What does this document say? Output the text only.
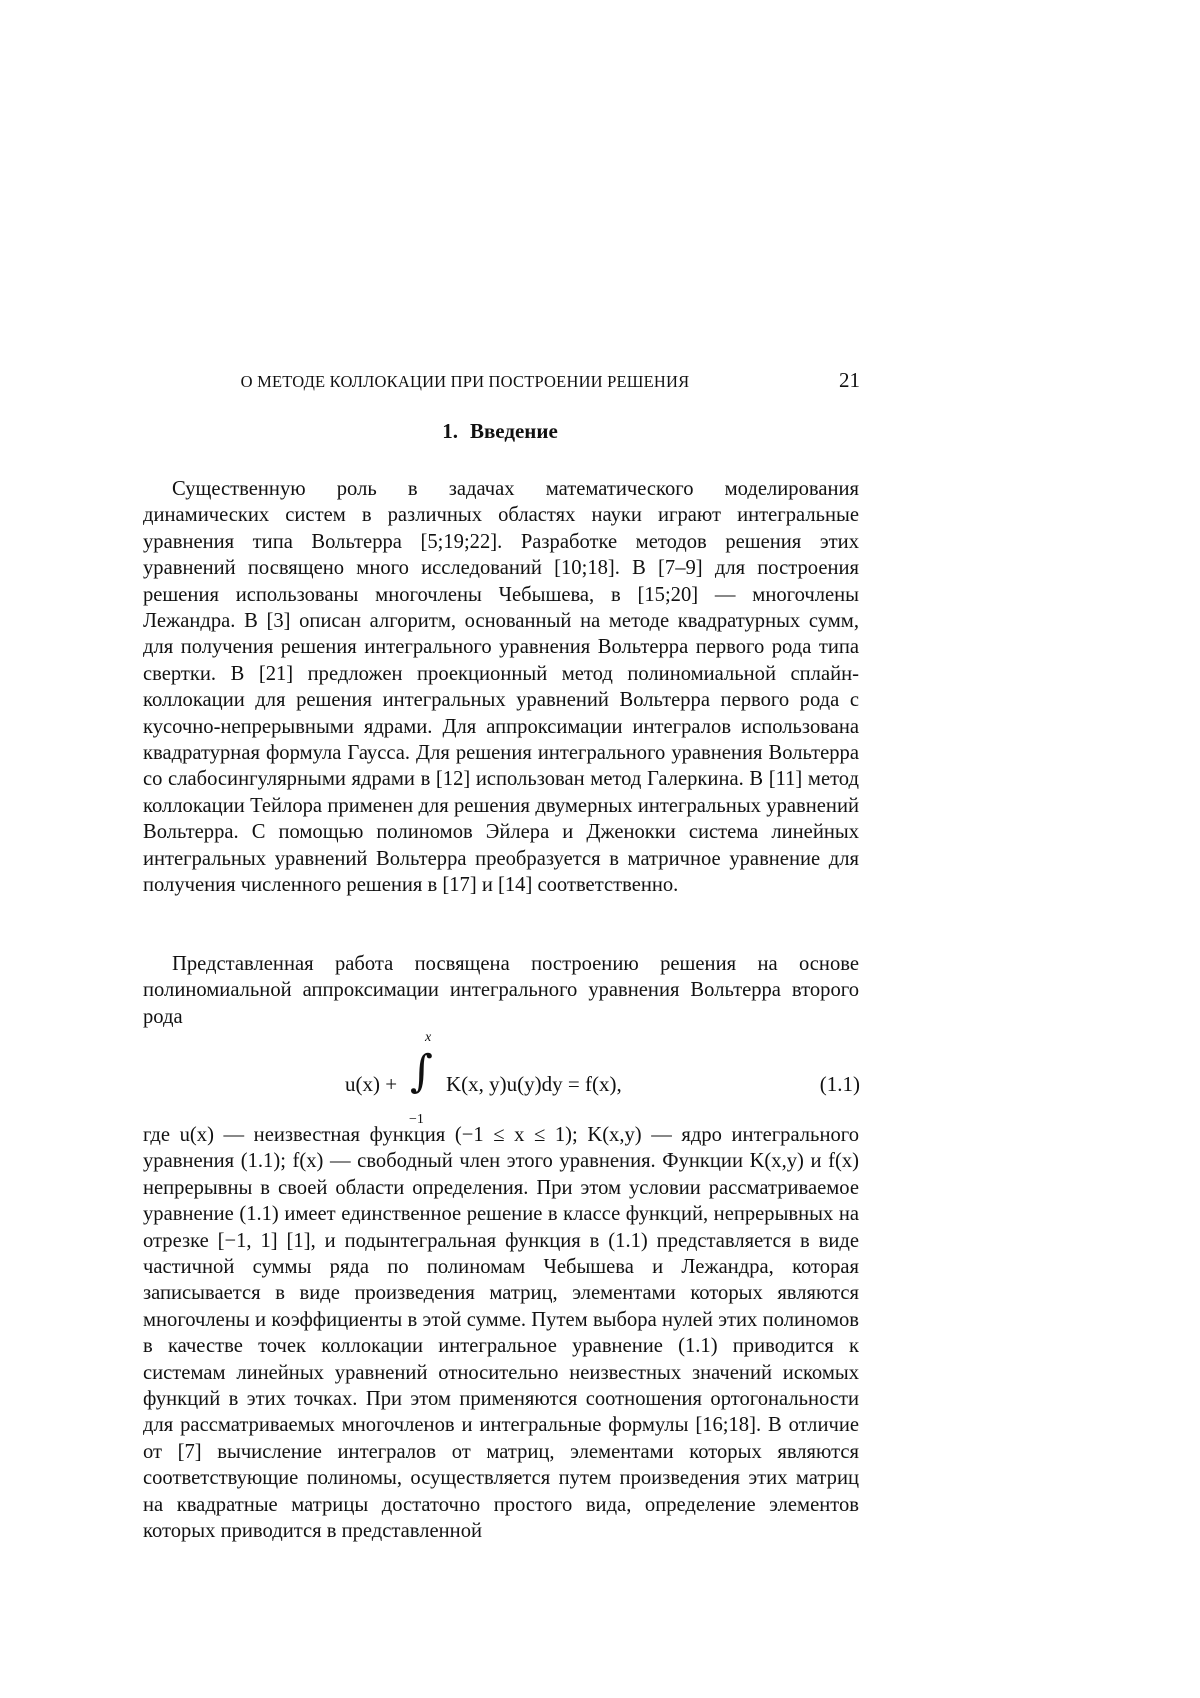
О МЕТОДЕ КОЛЛОКАЦИИ ПРИ ПОСТРОЕНИИ РЕШЕНИЯ	21
1. Введение
Существенную роль в задачах математического моделирования динамических систем в различных областях науки играют интегральные уравнения типа Вольтерра [5;19;22]. Разработке методов решения этих уравнений посвящено много исследований [10;18]. В [7–9] для построения решения использованы многочлены Чебышева, в [15;20] — многочлены Лежандра. В [3] описан алгоритм, основанный на методе квадратурных сумм, для получения решения интегрального уравнения Вольтерра первого рода типа свертки. В [21] предложен проекционный метод полиномиальной сплайн-коллокации для решения интегральных уравнений Вольтерра первого рода с кусочно-непрерывными ядрами. Для аппроксимации интегралов использована квадратурная формула Гаусса. Для решения интегрального уравнения Вольтерра со слабосингулярными ядрами в [12] использован метод Галеркина. В [11] метод коллокации Тейлора применен для решения двумерных интегральных уравнений Вольтерра. С помощью полиномов Эйлера и Дженокки система линейных интегральных уравнений Вольтерра преобразуется в матричное уравнение для получения численного решения в [17] и [14] соответственно.
Представленная работа посвящена построению решения на основе полиномиальной аппроксимации интегрального уравнения Вольтерра второго рода
u(x) +
x
∫
−1
K(x, y)u(y)dy = f(x),	(1.1)
где u(x) — неизвестная функция (−1 ≤ x ≤ 1); K(x,y) — ядро интегрального уравнения (1.1); f(x) — свободный член этого уравнения. Функции K(x,y) и f(x) непрерывны в своей области определения. При этом условии рассматриваемое уравнение (1.1) имеет единственное решение в классе функций, непрерывных на отрезке [−1, 1] [1], и подынтегральная функция в (1.1) представляется в виде частичной суммы ряда по полиномам Чебышева и Лежандра, которая записывается в виде произведения матриц, элементами которых являются многочлены и коэффициенты в этой сумме. Путем выбора нулей этих полиномов в качестве точек коллокации интегральное уравнение (1.1) приводится к системам линейных уравнений относительно неизвестных значений искомых функций в этих точках. При этом применяются соотношения ортогональности для рассматриваемых многочленов и интегральные формулы [16;18]. В отличие от [7] вычисление интегралов от матриц, элементами которых являются соответствующие полиномы, осуществляется путем произведения этих матриц на квадратные матрицы достаточно простого вида, определение элементов которых приводится в представленной
